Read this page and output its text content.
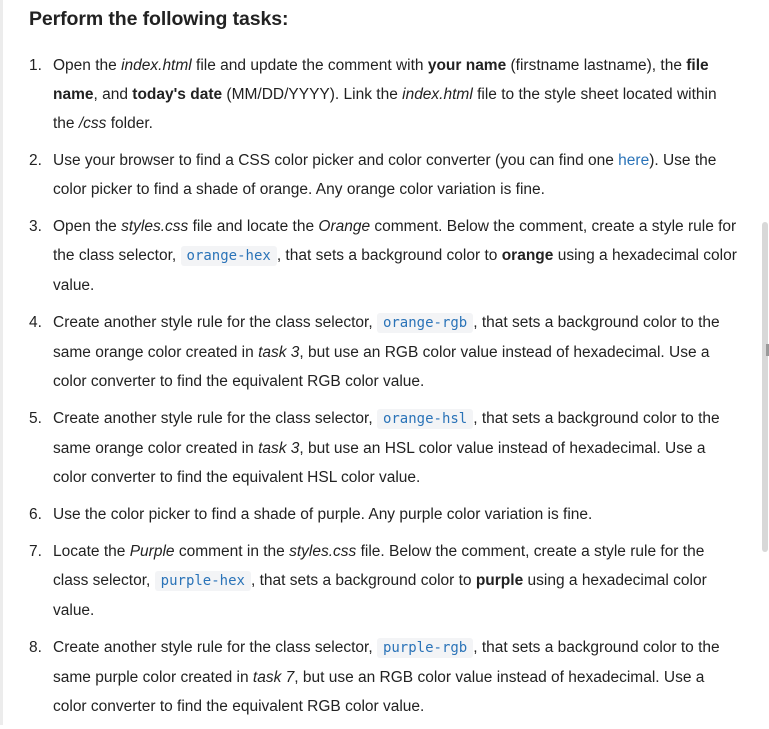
Perform the following tasks:
1. Open the index.html file and update the comment with your name (firstname lastname), the file name, and today's date (MM/DD/YYYY). Link the index.html file to the style sheet located within the /css folder.
2. Use your browser to find a CSS color picker and color converter (you can find one here). Use the color picker to find a shade of orange. Any orange color variation is fine.
3. Open the styles.css file and locate the Orange comment. Below the comment, create a style rule for the class selector, orange-hex , that sets a background color to orange using a hexadecimal color value.
4. Create another style rule for the class selector, orange-rgb , that sets a background color to the same orange color created in task 3, but use an RGB color value instead of hexadecimal. Use a color converter to find the equivalent RGB color value.
5. Create another style rule for the class selector, orange-hsl , that sets a background color to the same orange color created in task 3, but use an HSL color value instead of hexadecimal. Use a color converter to find the equivalent HSL color value.
6. Use the color picker to find a shade of purple. Any purple color variation is fine.
7. Locate the Purple comment in the styles.css file. Below the comment, create a style rule for the class selector, purple-hex , that sets a background color to purple using a hexadecimal color value.
8. Create another style rule for the class selector, purple-rgb , that sets a background color to the same purple color created in task 7, but use an RGB color value instead of hexadecimal. Use a color converter to find the equivalent RGB color value.
